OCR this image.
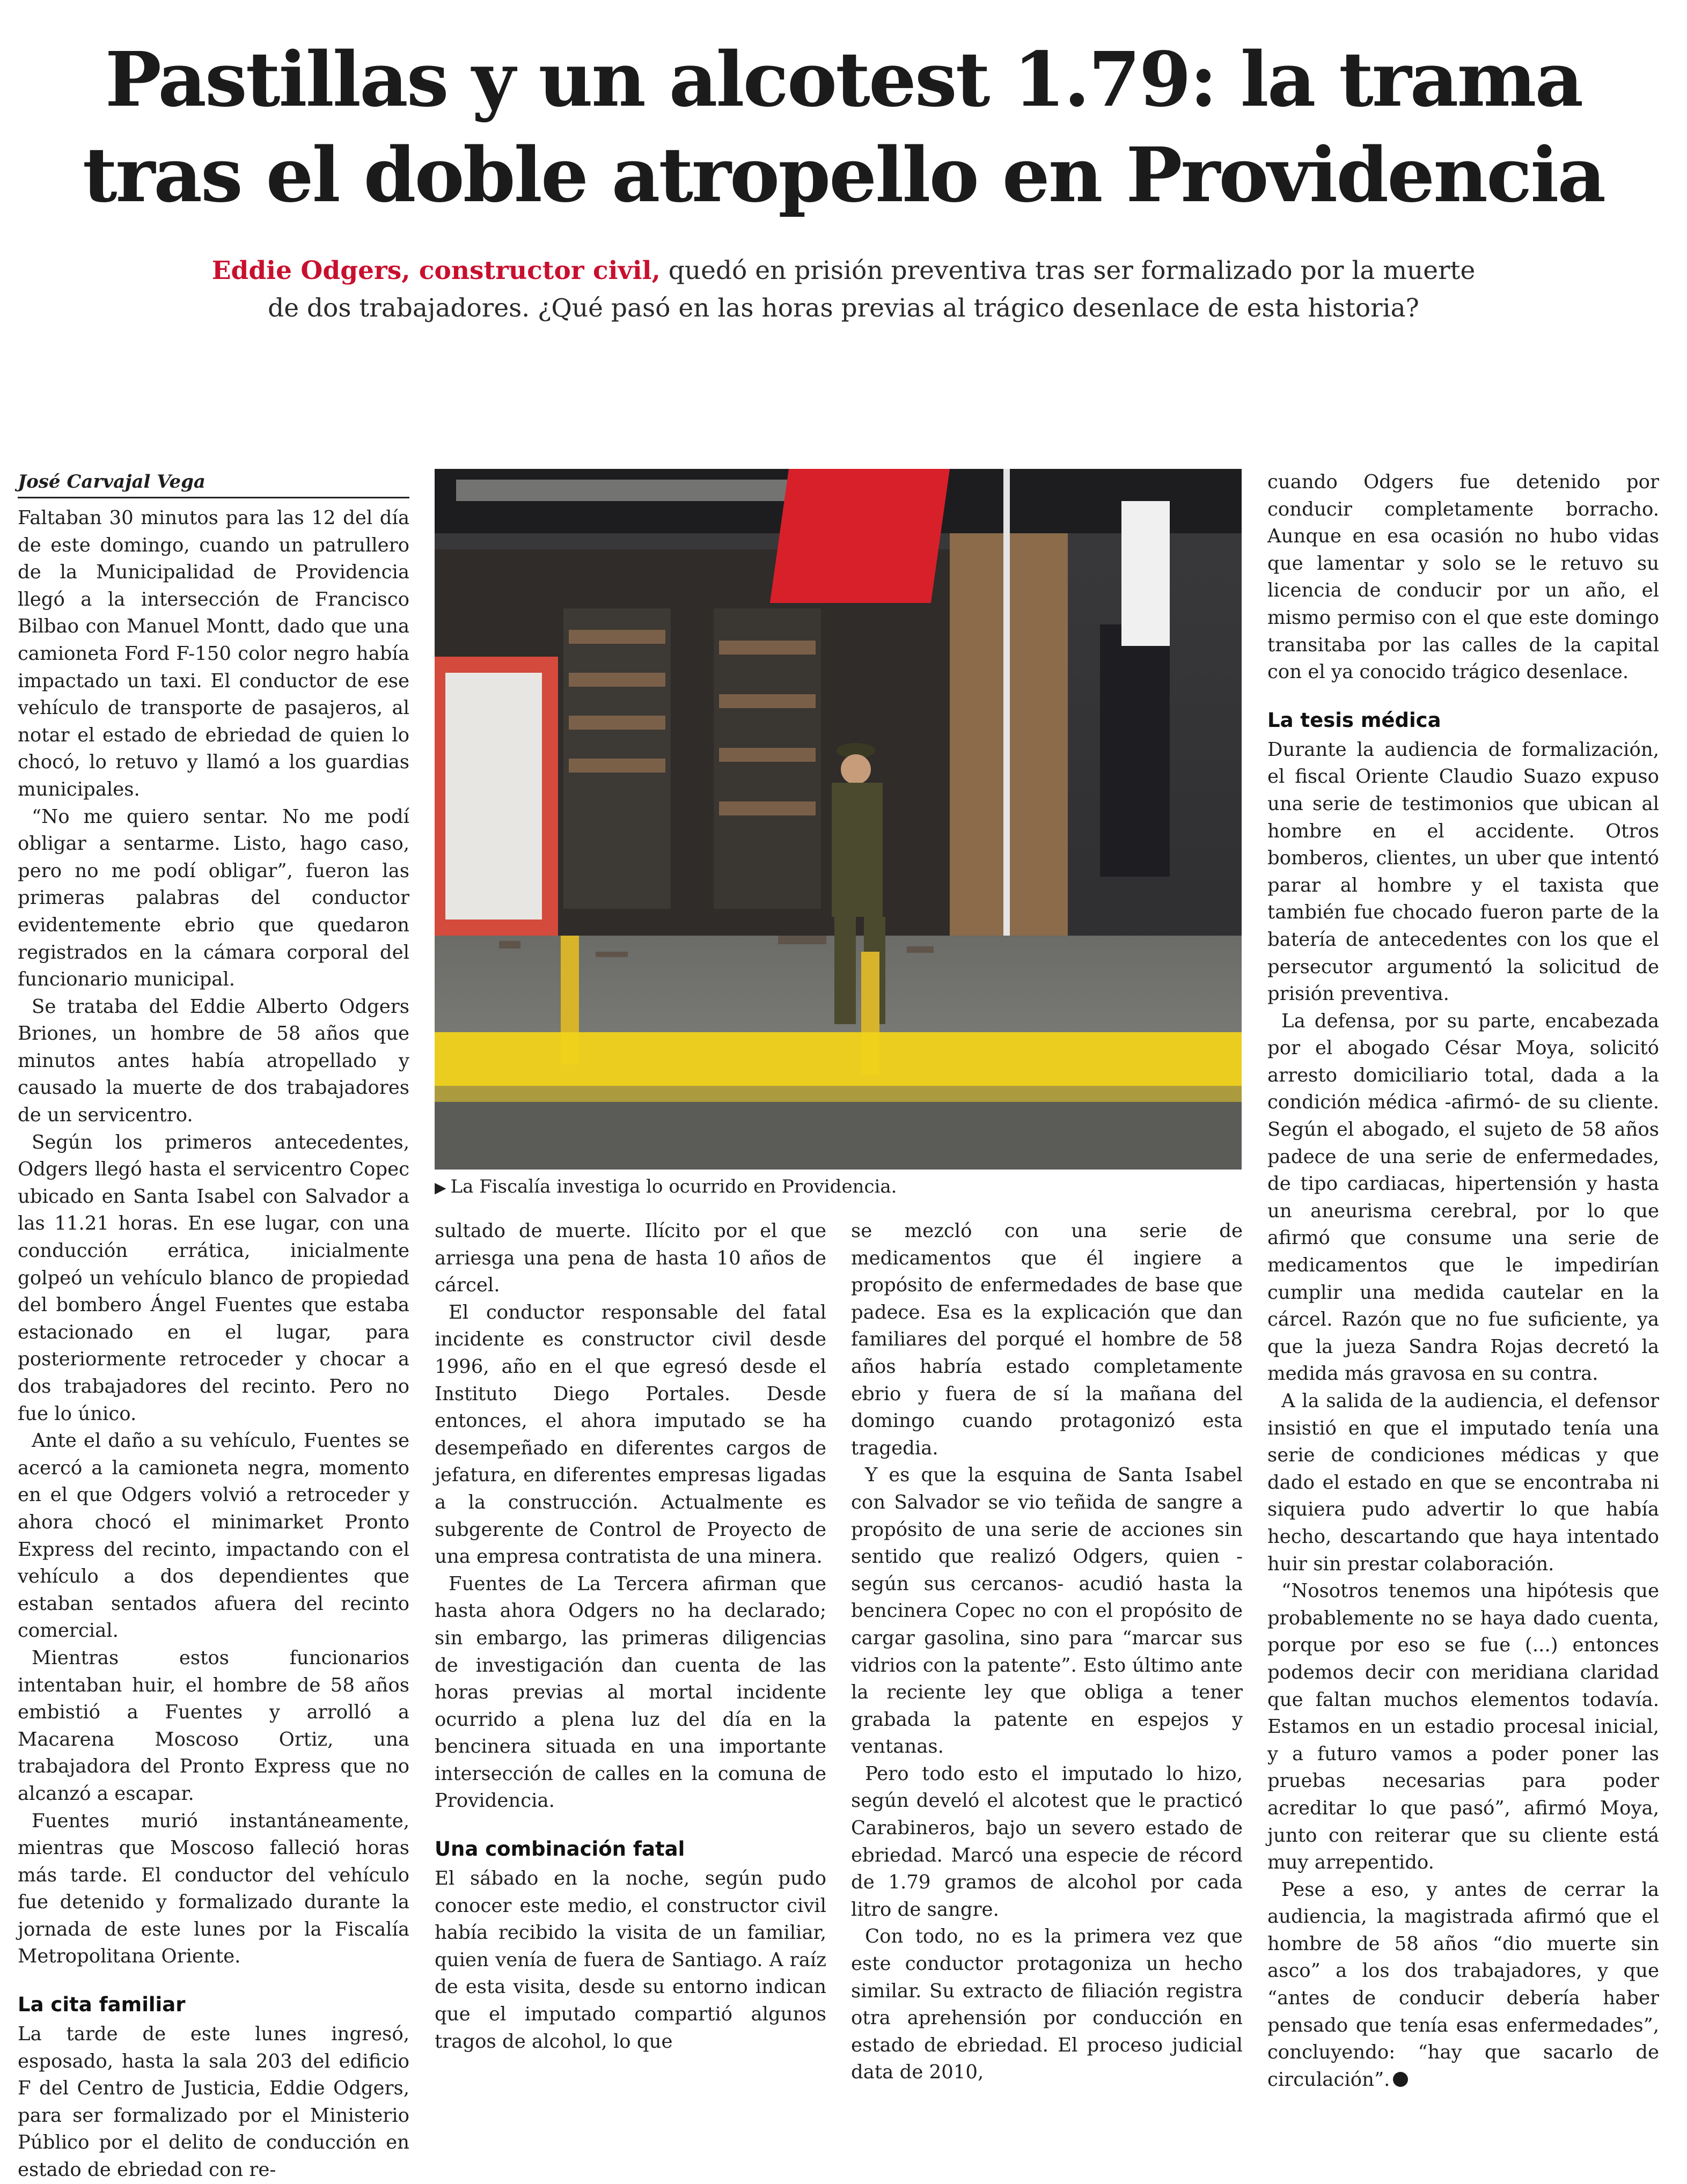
Pastillas y un alcotest 1.79: la trama
tras el doble atropello en Providencia

Eddie Odgers, constructor civil, quedó en prisión preventiva tras ser formalizado por la muerte
de dos trabajadores. ¿Qué pasó en las horas previas al trágico desenlace de esta historia?

José Carvajal Vega

Faltaban 30 minutos para las 12 del día de este domingo, cuando un patrullero de la Municipalidad de Providencia llegó a la intersección de Francisco Bilbao con Manuel Montt, dado que una camioneta Ford F-150 color negro había impactado un taxi. El conductor de ese vehículo de transporte de pasajeros, al notar el estado de ebriedad de quien lo chocó, lo retuvo y llamó a los guardias municipales.

“No me quiero sentar. No me podí obligar a sentarme. Listo, hago caso, pero no me podí obligar”, fueron las primeras palabras del conductor evidentemente ebrio que quedaron registrados en la cámara corporal del funcionario municipal.

Se trataba del Eddie Alberto Odgers Briones, un hombre de 58 años que minutos antes había atropellado y causado la muerte de dos trabajadores de un servicentro.

Según los primeros antecedentes, Odgers llegó hasta el servicentro Copec ubicado en Santa Isabel con Salvador a las 11.21 horas. En ese lugar, con una conducción errática, inicialmente golpeó un vehículo blanco de propiedad del bombero Ángel Fuentes que estaba estacionado en el lugar, para posteriormente retroceder y chocar a dos trabajadores del recinto. Pero no fue lo único.

Ante el daño a su vehículo, Fuentes se acercó a la camioneta negra, momento en el que Odgers volvió a retroceder y ahora chocó el minimarket Pronto Express del recinto, impactando con el vehículo a dos dependientes que estaban sentados afuera del recinto comercial.

Mientras estos funcionarios intentaban huir, el hombre de 58 años embistió a Fuentes y arrolló a Macarena Moscoso Ortiz, una trabajadora del Pronto Express que no alcanzó a escapar.

Fuentes murió instantáneamente, mientras que Moscoso falleció horas más tarde. El conductor del vehículo fue detenido y formalizado durante la jornada de este lunes por la Fiscalía Metropolitana Oriente.

La cita familiar

La tarde de este lunes ingresó, esposado, hasta la sala 203 del edificio F del Centro de Justicia, Eddie Odgers, para ser formalizado por el Ministerio Público por el delito de conducción en estado de ebriedad con re-

▶ La Fiscalía investiga lo ocurrido en Providencia.

sultado de muerte. Ilícito por el que arriesga una pena de hasta 10 años de cárcel.

El conductor responsable del fatal incidente es constructor civil desde 1996, año en el que egresó desde el Instituto Diego Portales. Desde entonces, el ahora imputado se ha desempeñado en diferentes cargos de jefatura, en diferentes empresas ligadas a la construcción. Actualmente es subgerente de Control de Proyecto de una empresa contratista de una minera.

Fuentes de La Tercera afirman que hasta ahora Odgers no ha declarado; sin embargo, las primeras diligencias de investigación dan cuenta de las horas previas al mortal incidente ocurrido a plena luz del día en la bencinera situada en una importante intersección de calles en la comuna de Providencia.

Una combinación fatal

El sábado en la noche, según pudo conocer este medio, el constructor civil había recibido la visita de un familiar, quien venía de fuera de Santiago. A raíz de esta visita, desde su entorno indican que el imputado compartió algunos tragos de alcohol, lo que

se mezcló con una serie de medicamentos que él ingiere a propósito de enfermedades de base que padece. Esa es la explicación que dan familiares del porqué el hombre de 58 años habría estado completamente ebrio y fuera de sí la mañana del domingo cuando protagonizó esta tragedia.

Y es que la esquina de Santa Isabel con Salvador se vio teñida de sangre a propósito de una serie de acciones sin sentido que realizó Odgers, quien -según sus cercanos- acudió hasta la bencinera Copec no con el propósito de cargar gasolina, sino para “marcar sus vidrios con la patente”. Esto último ante la reciente ley que obliga a tener grabada la patente en espejos y ventanas.

Pero todo esto el imputado lo hizo, según develó el alcotest que le practicó Carabineros, bajo un severo estado de ebriedad. Marcó una especie de récord de 1.79 gramos de alcohol por cada litro de sangre.

Con todo, no es la primera vez que este conductor protagoniza un hecho similar. Su extracto de filiación registra otra aprehensión por conducción en estado de ebriedad. El proceso judicial data de 2010,

cuando Odgers fue detenido por conducir completamente borracho. Aunque en esa ocasión no hubo vidas que lamentar y solo se le retuvo su licencia de conducir por un año, el mismo permiso con el que este domingo transitaba por las calles de la capital con el ya conocido trágico desenlace.

La tesis médica

Durante la audiencia de formalización, el fiscal Oriente Claudio Suazo expuso una serie de testimonios que ubican al hombre en el accidente. Otros bomberos, clientes, un uber que intentó parar al hombre y el taxista que también fue chocado fueron parte de la batería de antecedentes con los que el persecutor argumentó la solicitud de prisión preventiva.

La defensa, por su parte, encabezada por el abogado César Moya, solicitó arresto domiciliario total, dada a la condición médica -afirmó- de su cliente. Según el abogado, el sujeto de 58 años padece de una serie de enfermedades, de tipo cardiacas, hipertensión y hasta un aneurisma cerebral, por lo que afirmó que consume una serie de medicamentos que le impedirían cumplir una medida cautelar en la cárcel. Razón que no fue suficiente, ya que la jueza Sandra Rojas decretó la medida más gravosa en su contra.

A la salida de la audiencia, el defensor insistió en que el imputado tenía una serie de condiciones médicas y que dado el estado en que se encontraba ni siquiera pudo advertir lo que había hecho, descartando que haya intentado huir sin prestar colaboración.

“Nosotros tenemos una hipótesis que probablemente no se haya dado cuenta, porque por eso se fue (...) entonces podemos decir con meridiana claridad que faltan muchos elementos todavía. Estamos en un estadio procesal inicial, y a futuro vamos a poder poner las pruebas necesarias para poder acreditar lo que pasó”, afirmó Moya, junto con reiterar que su cliente está muy arrepentido.

Pese a eso, y antes de cerrar la audiencia, la magistrada afirmó que el hombre de 58 años “dio muerte sin asco” a los dos trabajadores, y que “antes de conducir debería haber pensado que tenía esas enfermedades”, concluyendo: “hay que sacarlo de circulación”.
